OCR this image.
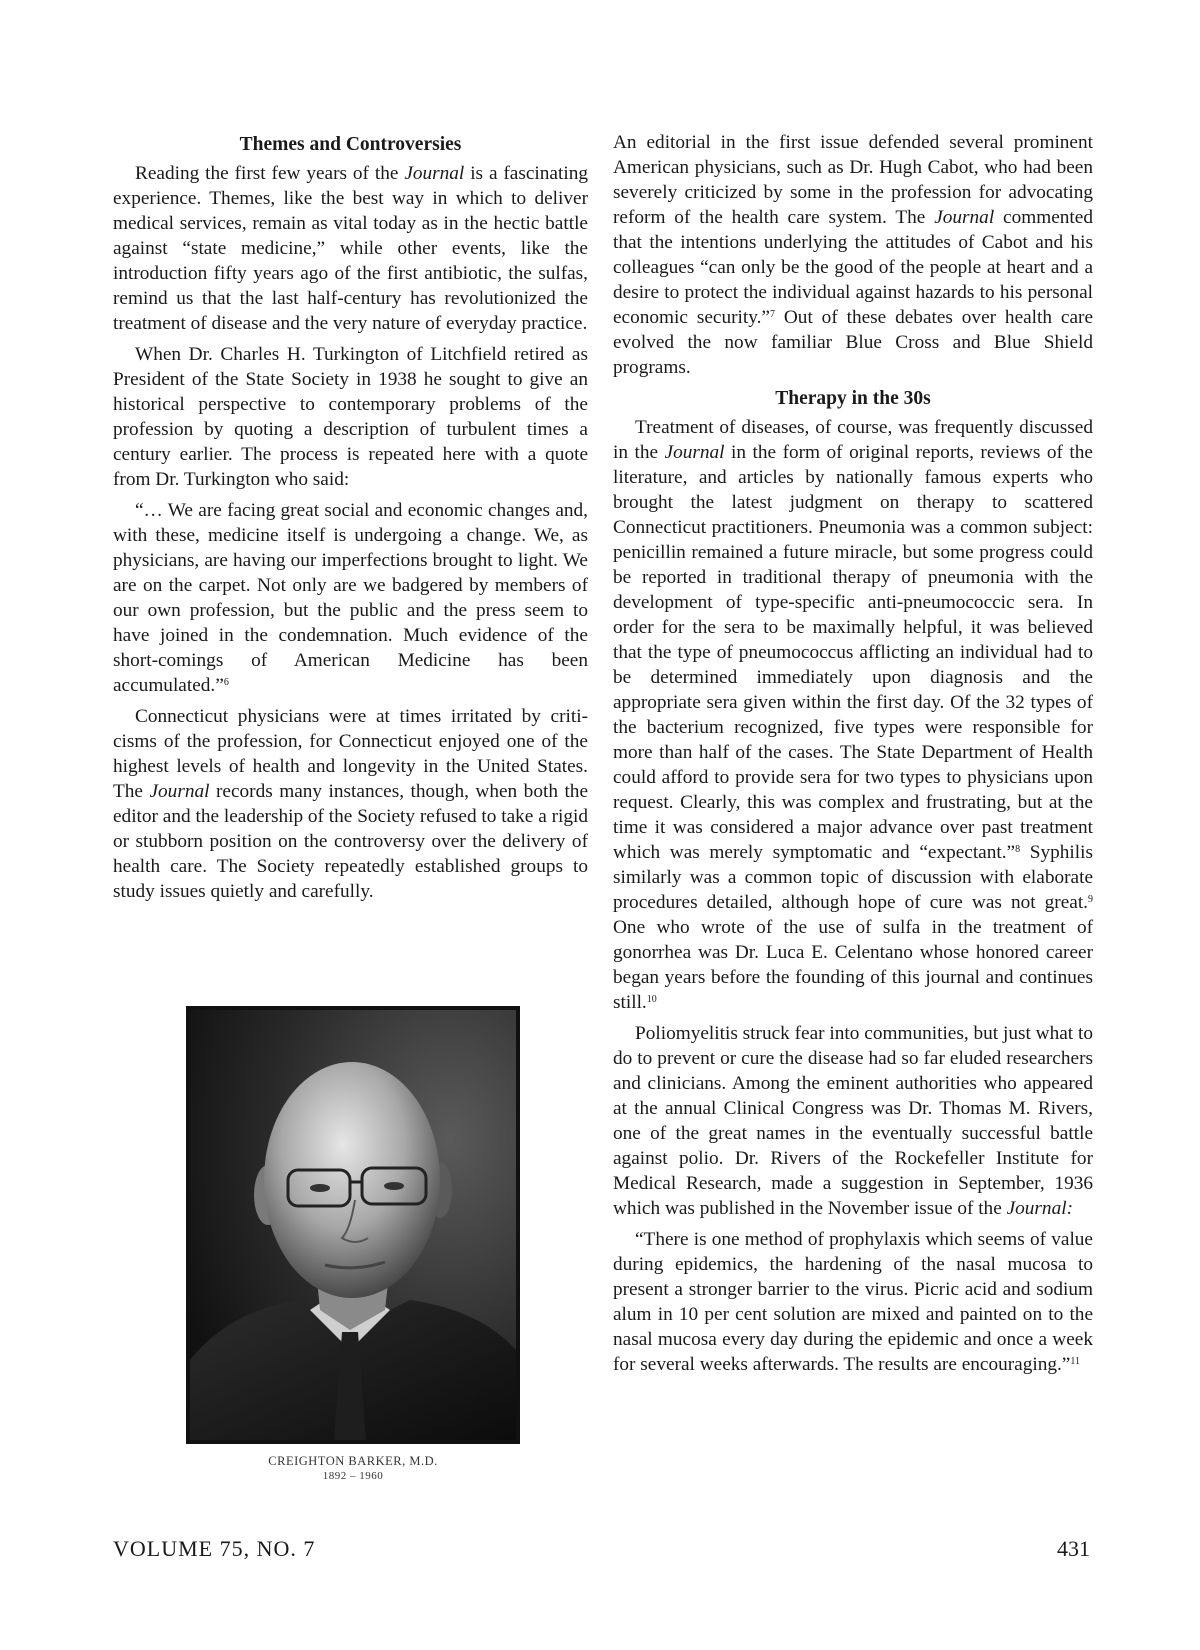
Themes and Controversies

Reading the first few years of the Journal is a fascinating experience. Themes, like the best way in which to deliver medical services, remain as vital today as in the hectic battle against “state medicine,” while other events, like the introduction fifty years ago of the first antibiotic, the sulfas, remind us that the last half-century has revolutionized the treatment of disease and the very nature of everyday practice.

When Dr. Charles H. Turkington of Litchfield retired as President of the State Society in 1938 he sought to give an historical perspective to contemporary problems of the profession by quoting a description of turbulent times a century earlier. The process is repeated here with a quote from Dr. Turkington who said:

“… We are facing great social and economic changes and, with these, medicine itself is undergoing a change. We, as physicians, are having our imperfections brought to light. We are on the carpet. Not only are we badgered by members of our own profession, but the public and the press seem to have joined in the condemnation. Much evidence of the short-comings of American Medicine has been accumulated.”$^6$

Connecticut physicians were at times irritated by criticisms of the profession, for Connecticut enjoyed one of the highest levels of health and longevity in the United States. The Journal records many instances, though, when both the editor and the leadership of the Society refused to take a rigid or stubborn position on the controversy over the delivery of health care. The Society repeatedly established groups to study issues quietly and carefully.

CREIGHTON BARKER, M.D.
1892 – 1960

An editorial in the first issue defended several prominent American physicians, such as Dr. Hugh Cabot, who had been severely criticized by some in the profession for advocating reform of the health care system. The Journal commented that the intentions underlying the attitudes of Cabot and his colleagues “can only be the good of the people at heart and a desire to protect the individual against hazards to his personal economic security.”$^7$ Out of these debates over health care evolved the now familiar Blue Cross and Blue Shield programs.

Therapy in the 30s

Treatment of diseases, of course, was frequently discussed in the Journal in the form of original reports, reviews of the literature, and articles by nationally famous experts who brought the latest judgment on therapy to scattered Connecticut practitioners. Pneumonia was a common subject: penicillin remained a future miracle, but some progress could be reported in traditional therapy of pneumonia with the development of type-specific anti-pneumococcic sera. In order for the sera to be maximally helpful, it was believed that the type of pneumococcus afflicting an individual had to be determined immediately upon diagnosis and the appropriate sera given within the first day. Of the 32 types of the bacterium recognized, five types were responsible for more than half of the cases. The State Department of Health could afford to provide sera for two types to physicians upon request. Clearly, this was complex and frustrating, but at the time it was considered a major advance over past treatment which was merely symptomatic and “expectant.”$^8$ Syphilis similarly was a common topic of discussion with elaborate procedures detailed, although hope of cure was not great.$^9$ One who wrote of the use of sulfa in the treatment of gonorrhea was Dr. Luca E. Celentano whose honored career began years before the founding of this journal and continues still.$^{10}$

Poliomyelitis struck fear into communities, but just what to do to prevent or cure the disease had so far eluded researchers and clinicians. Among the eminent authorities who appeared at the annual Clinical Congress was Dr. Thomas M. Rivers, one of the great names in the eventually successful battle against polio. Dr. Rivers of the Rockefeller Institute for Medical Research, made a suggestion in September, 1936 which was published in the November issue of the Journal:

“There is one method of prophylaxis which seems of value during epidemics, the hardening of the nasal mucosa to present a stronger barrier to the virus. Picric acid and sodium alum in 10 per cent solution are mixed and painted on to the nasal mucosa every day during the epidemic and once a week for several weeks afterwards. The results are encouraging.”$^{11}$

VOLUME 75, NO. 7	431
